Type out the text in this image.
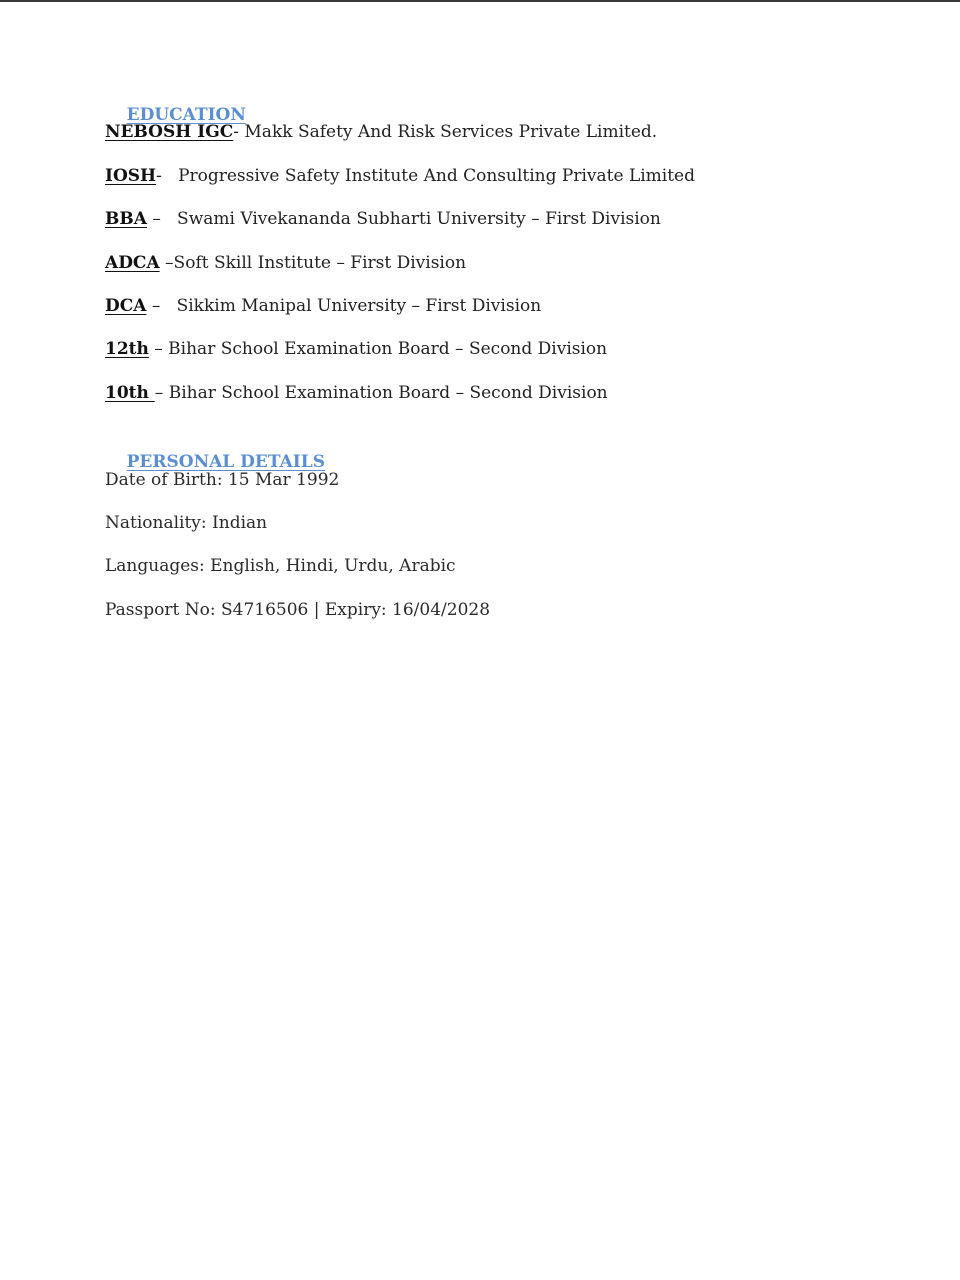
EDUCATION

NEBOSH IGC- Makk Safety And Risk Services Private Limited.
IOSH-   Progressive Safety Institute And Consulting Private Limited
BBA –   Swami Vivekananda Subharti University – First Division
ADCA –Soft Skill Institute – First Division
DCA –   Sikkim Manipal University – First Division
12th – Bihar School Examination Board – Second Division
10th – Bihar School Examination Board – Second Division

PERSONAL DETAILS

Date of Birth: 15 Mar 1992
Nationality: Indian
Languages: English, Hindi, Urdu, Arabic
Passport No: S4716506 | Expiry: 16/04/2028
